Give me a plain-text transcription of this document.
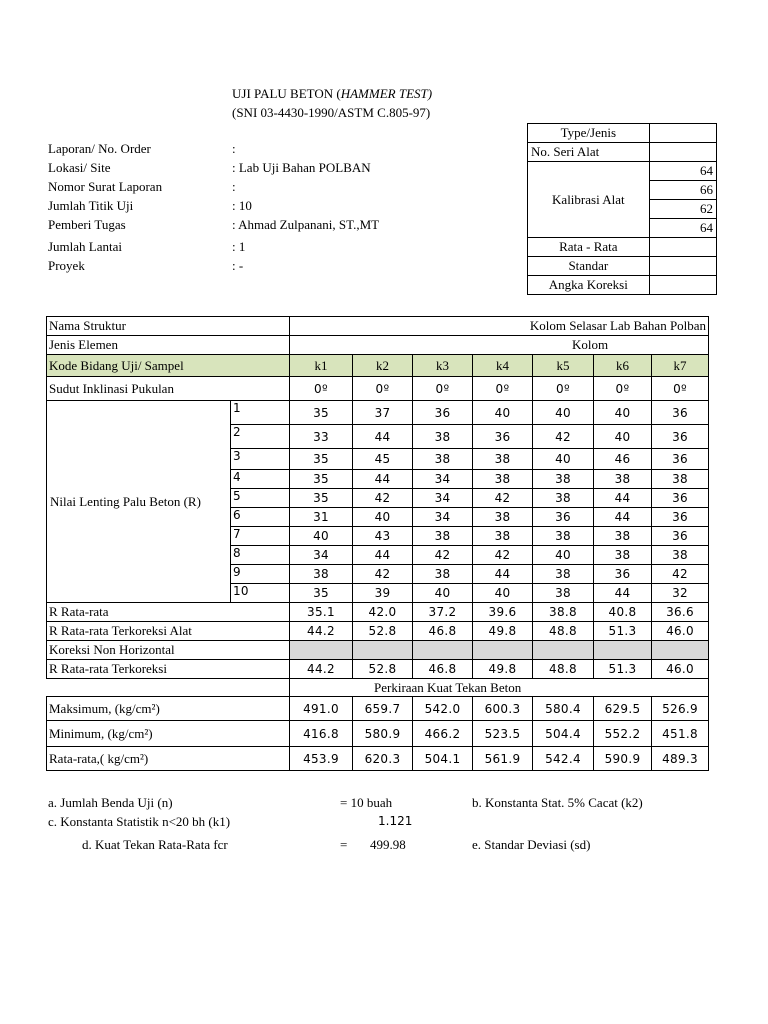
UJI PALU BETON (HAMMER TEST)
(SNI 03-4430-1990/ASTM C.805-97)
Laporan/ No. Order	:
Lokasi/ Site	: Lab Uji Bahan POLBAN
Nomor Surat Laporan	:
Jumlah Titik Uji	: 10
Pemberi Tugas	: Ahmad Zulpanani, ST.,MT
Jumlah Lantai	: 1
Proyek	: -
Type/Jenis	
No. Seri Alat	
Kalibrasi Alat	64
	66
	62
	64
Rata - Rata	
Standar	
Angka Koreksi	
Nama Struktur		Kolom Selasar Lab Bahan Polban						
Jenis Elemen		Kolom						
Kode Bidang Uji/ Sampel		k1	k2	k3	k4	k5	k6	k7
Sudut Inklinasi Pukulan		0º	0º	0º	0º	0º	0º	0º
Nilai Lenting Palu Beton (R)	1	35	37	36	40	40	40	36
	2	33	44	38	36	42	40	36
	3	35	45	38	38	40	46	36
	4	35	44	34	38	38	38	38
	5	35	42	34	42	38	44	36
	6	31	40	34	38	36	44	36
	7	40	43	38	38	38	38	36
	8	34	44	42	42	40	38	38
	9	38	42	38	44	38	36	42
	10	35	39	40	40	38	44	32
R Rata-rata		35.1	42.0	37.2	39.6	38.8	40.8	36.6
R Rata-rata Terkoreksi Alat		44.2	52.8	46.8	49.8	48.8	51.3	46.0
Koreksi Non Horizontal								
R Rata-rata Terkoreksi		44.2	52.8	46.8	49.8	48.8	51.3	46.0
		Perkiraan Kuat Tekan Beton						
Maksimum, (kg/cm²)		491.0	659.7	542.0	600.3	580.4	629.5	526.9
Minimum, (kg/cm²)		416.8	580.9	466.2	523.5	504.4	552.2	451.8
Rata-rata,( kg/cm²)		453.9	620.3	504.1	561.9	542.4	590.9	489.3
a. Jumlah Benda Uji (n)	= 10 buah	b. Konstanta Stat. 5% Cacat (k2)
c. Konstanta Statistik n<20 bh (k1)	1.121
d. Kuat Tekan Rata-Rata fcr	= 499.98	e. Standar Deviasi (sd)
